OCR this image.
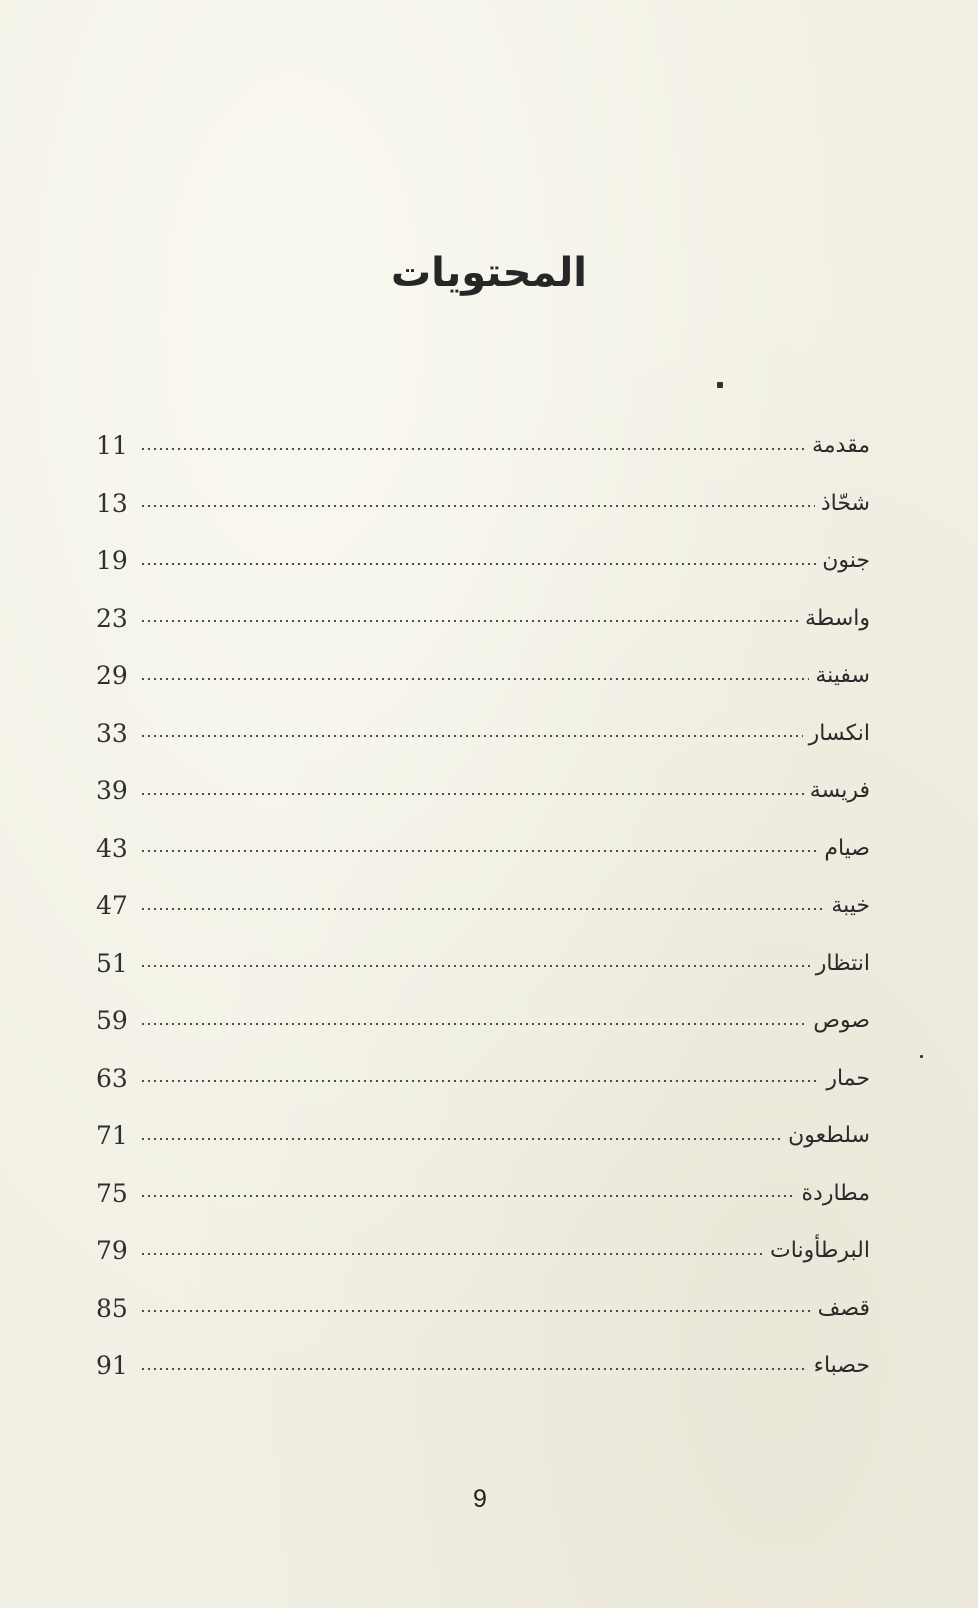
المحتويات
مقدمة
11
شحّاذ
13
جنون
19
واسطة
23
سفينة
29
انكسار
33
فريسة
39
صيام
43
خيبة
47
انتظار
51
صوص
59
حمار
63
سلطعون
71
مطاردة
75
البرطأونات
79
قصف
85
حصباء
91
9
